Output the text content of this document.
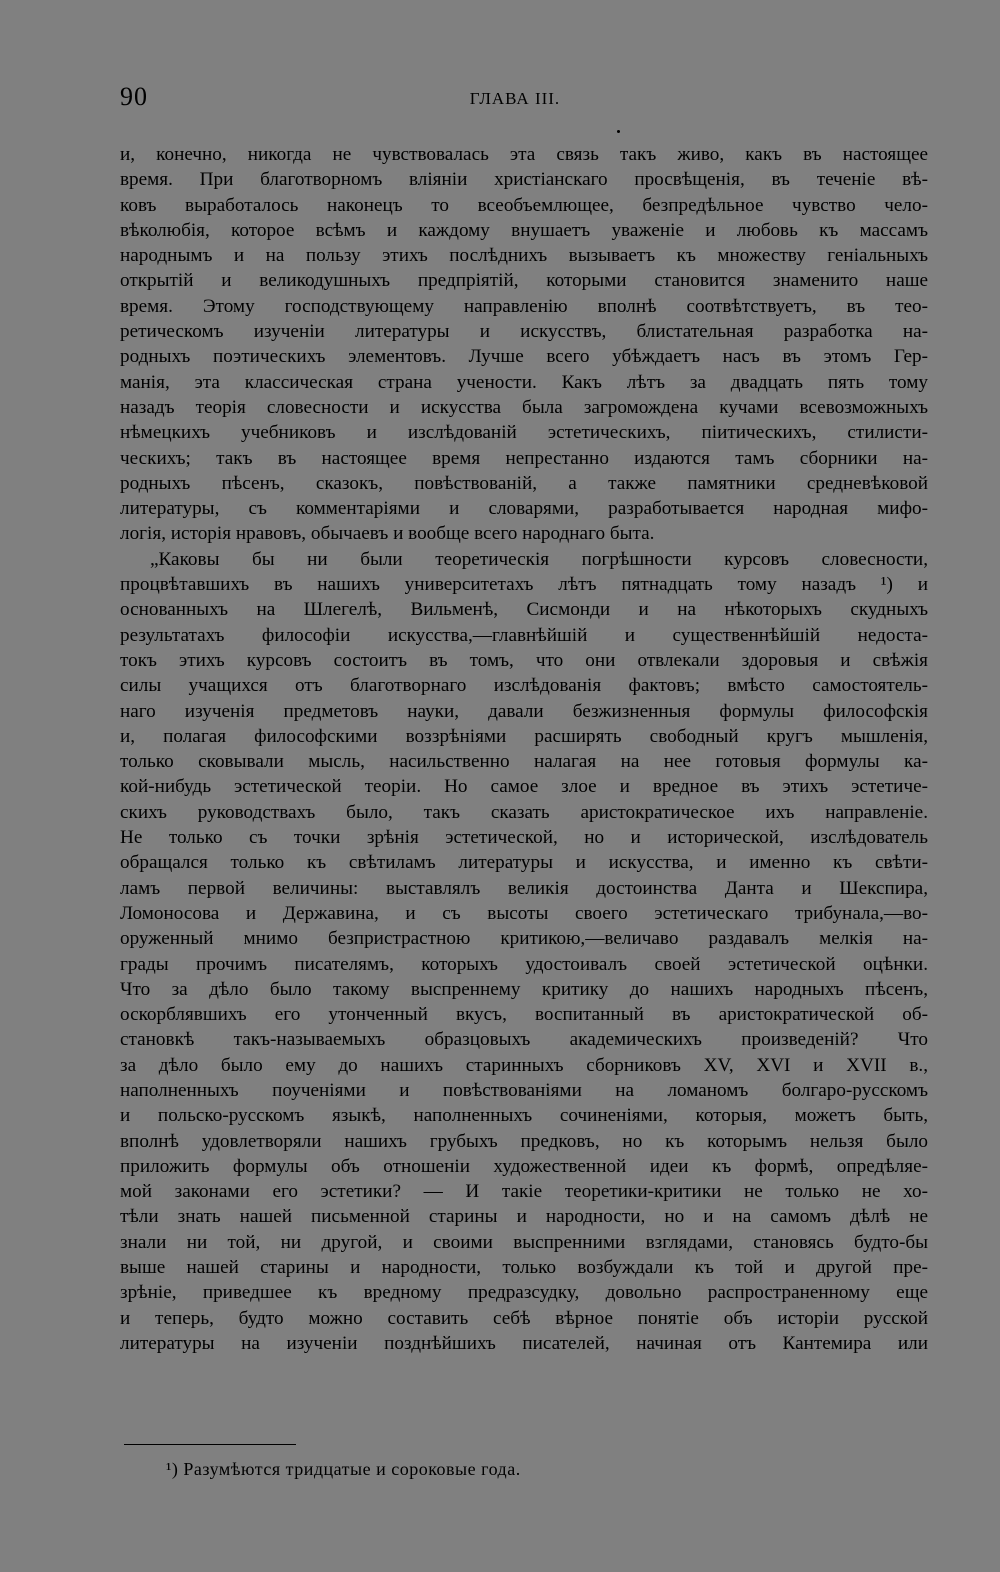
90	ГЛАВА III.
и, конечно, никогда не чувствовалась эта связь такъ живо, какъ въ настоящее
время. При благотворномъ вліяніи христіанскаго просвѣщенія, въ теченіе вѣ-
ковъ выработалось наконецъ то всеобъемлющее, безпредѣльное чувство чело-
вѣколюбія, которое всѣмъ и каждому внушаетъ уваженіе и любовь къ массамъ
народнымъ и на пользу этихъ послѣднихъ вызываетъ къ множеству геніальныхъ
открытій и великодушныхъ предпріятій, которыми становится знаменито наше
время. Этому господствующему направленію вполнѣ соотвѣтствуетъ, въ тео-
ретическомъ изученіи литературы и искусствъ, блистательная разработка на-
родныхъ поэтическихъ элементовъ. Лучше всего убѣждаетъ насъ въ этомъ Гер-
манія, эта классическая страна учености. Какъ лѣтъ за двадцать пять тому
назадъ теорія словесности и искусства была загромождена кучами всевозможныхъ
нѣмецкихъ учебниковъ и изслѣдованій эстетическихъ, піитическихъ, стилисти-
ческихъ; такъ въ настоящее время непрестанно издаются тамъ сборники на-
родныхъ пѣсенъ, сказокъ, повѣствованій, а также памятники средневѣковой
литературы, съ комментаріями и словарями, разработывается народная мифо-
логія, исторія нравовъ, обычаевъ и вообще всего народнаго быта.
„Каковы бы ни были теоретическія погрѣшности курсовъ словесности,
процвѣтавшихъ въ нашихъ университетахъ лѣтъ пятнадцать тому назадъ ¹) и
основанныхъ на Шлегелѣ, Вильменѣ, Сисмонди и на нѣкоторыхъ скудныхъ
результатахъ философіи искусства,—главнѣйшій и существеннѣйшій недоста-
токъ этихъ курсовъ состоитъ въ томъ, что они отвлекали здоровыя и свѣжія
силы учащихся отъ благотворнаго изслѣдованія фактовъ; вмѣсто самостоятель-
наго изученія предметовъ науки, давали безжизненныя формулы философскія
и, полагая философскими воззрѣніями расширять свободный кругъ мышленія,
только сковывали мысль, насильственно налагая на нее готовыя формулы ка-
кой-нибудь эстетической теоріи. Но самое злое и вредное въ этихъ эстетиче-
скихъ руководствахъ было, такъ сказать аристократическое ихъ направленіе.
Не только съ точки зрѣнія эстетической, но и исторической, изслѣдователь
обращался только къ свѣтиламъ литературы и искусства, и именно къ свѣти-
ламъ первой величины: выставлялъ великія достоинства Данта и Шекспира,
Ломоносова и Державина, и съ высоты своего эстетическаго трибунала,—во-
оруженный мнимо безпристрастною критикою,—величаво раздавалъ мелкія на-
грады прочимъ писателямъ, которыхъ удостоивалъ своей эстетической оцѣнки.
Что за дѣло было такому выспреннему критику до нашихъ народныхъ пѣсенъ,
оскорблявшихъ его утонченный вкусъ, воспитанный въ аристократической об-
становкѣ такъ-называемыхъ образцовыхъ академическихъ произведеній? Что
за дѣло было ему до нашихъ старинныхъ сборниковъ XV, XVI и XVII в.,
наполненныхъ поученіями и повѣствованіями на ломаномъ болгаро-русскомъ
и польско-русскомъ языкѣ, наполненныхъ сочиненіями, которыя, можетъ быть,
вполнѣ удовлетворяли нашихъ грубыхъ предковъ, но къ которымъ нельзя было
приложить формулы объ отношеніи художественной идеи къ формѣ, опредѣляе-
мой законами его эстетики? — И такіе теоретики-критики не только не хо-
тѣли знать нашей письменной старины и народности, но и на самомъ дѣлѣ не
знали ни той, ни другой, и своими выспренними взглядами, становясь будто-бы
выше нашей старины и народности, только возбуждали къ той и другой пре-
зрѣніе, приведшее къ вредному предразсудку, довольно распространенному еще
и теперь, будто можно составить себѣ вѣрное понятіе объ исторіи русской
литературы на изученіи позднѣйшихъ писателей, начиная отъ Кантемира или
¹) Разумѣются тридцатые и сороковые года.
